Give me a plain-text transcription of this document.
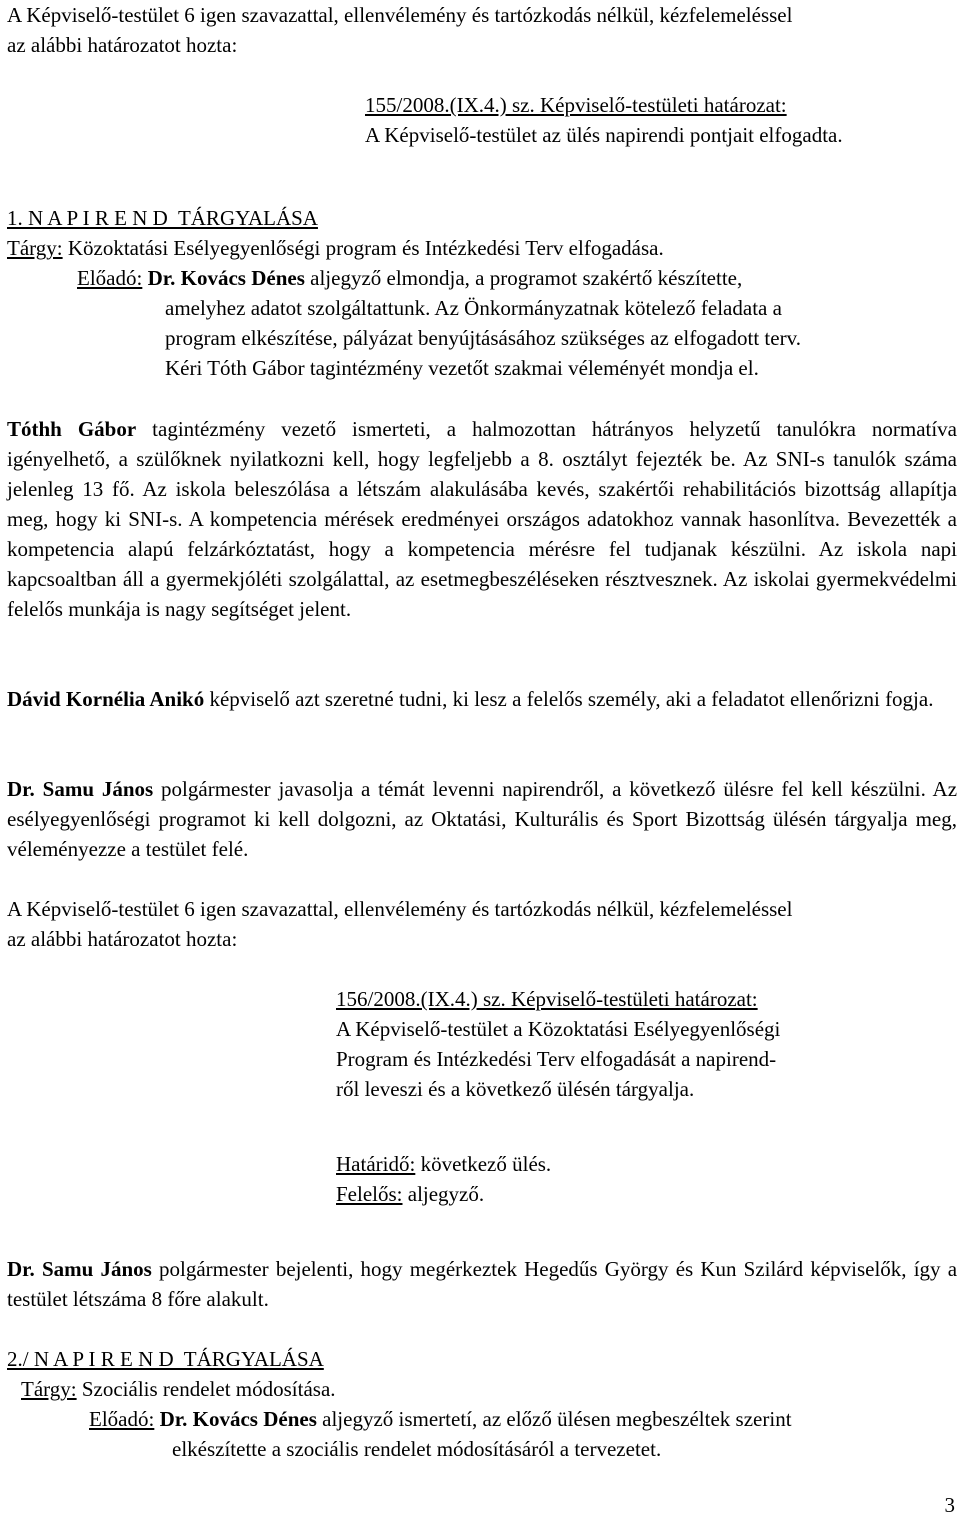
A Képviselő-testület 6 igen szavazattal, ellenvélemény és tartózkodás nélkül, kézfelemeléssel
az alábbi határozatot hozta:
155/2008.(IX.4.) sz. Képviselő-testületi határozat:
A Képviselő-testület az ülés napirendi pontjait elfogadta.
1. N A P I R E N D  TÁRGYALÁSA
Tárgy: Közoktatási Esélyegyenlőségi program és Intézkedési Terv elfogadása.
Előadó: Dr. Kovács Dénes aljegyző elmondja, a programot szakértő készítette,
amelyhez adatot szolgáltattunk. Az Önkormányzatnak kötelező feladata a
program elkészítése, pályázat benyújtásásához szükséges az elfogadott terv.
Kéri Tóth Gábor tagintézmény vezetőt szakmai véleményét mondja el.

Tóthh Gábor tagintézmény vezető ismerteti, a halmozottan hátrányos helyzetű tanulókra normatíva igényelhető, a szülőknek nyilatkozni kell, hogy legfeljebb a 8. osztályt fejezték be. Az SNI-s tanulók száma jelenleg 13 fő. Az iskola beleszólása a létszám alakulásába kevés, szakértői rehabilitációs bizottság allapítja meg, hogy ki SNI-s. A kompetencia mérések eredményei országos adatokhoz vannak hasonlítva. Bevezették a kompetencia alapú felzárkóztatást, hogy a kompetencia mérésre fel tudjanak készülni. Az iskola napi kapcsoaltban áll a gyermekjóléti szolgálattal, az esetmegbeszéléseken résztvesznek. Az iskolai gyermekvédelmi felelős munkája is nagy segítséget jelent.

Dávid Kornélia Anikó képviselő azt szeretné tudni, ki lesz a felelős személy, aki a feladatot ellenőrizni fogja.

Dr. Samu János polgármester javasolja a témát levenni napirendről, a következő ülésre fel kell készülni. Az esélyegyenlőségi programot ki kell dolgozni, az Oktatási, Kulturális és Sport Bizottság ülésén tárgyalja meg, véleményezze a testület felé.

A Képviselő-testület 6 igen szavazattal, ellenvélemény és tartózkodás nélkül, kézfelemeléssel
az alábbi határozatot hozta:
156/2008.(IX.4.) sz. Képviselő-testületi határozat:
A Képviselő-testület a Közoktatási Esélyegyenlőségi
Program és Intézkedési Terv elfogadását a napirend-
ről leveszi és a következő ülésén tárgyalja.
Határidő: következő ülés.
Felelős: aljegyző.

Dr. Samu János polgármester bejelenti, hogy megérkeztek Hegedűs György és Kun Szilárd képviselők, így a testület létszáma 8 főre alakult.

2./ N A P I R E N D  TÁRGYALÁSA
Tárgy: Szociális rendelet módosítása.
Előadó: Dr. Kovács Dénes aljegyző ismertetí, az előző ülésen megbeszéltek szerint
elkészítette a szociális rendelet módosításáról a tervezetet.
3
